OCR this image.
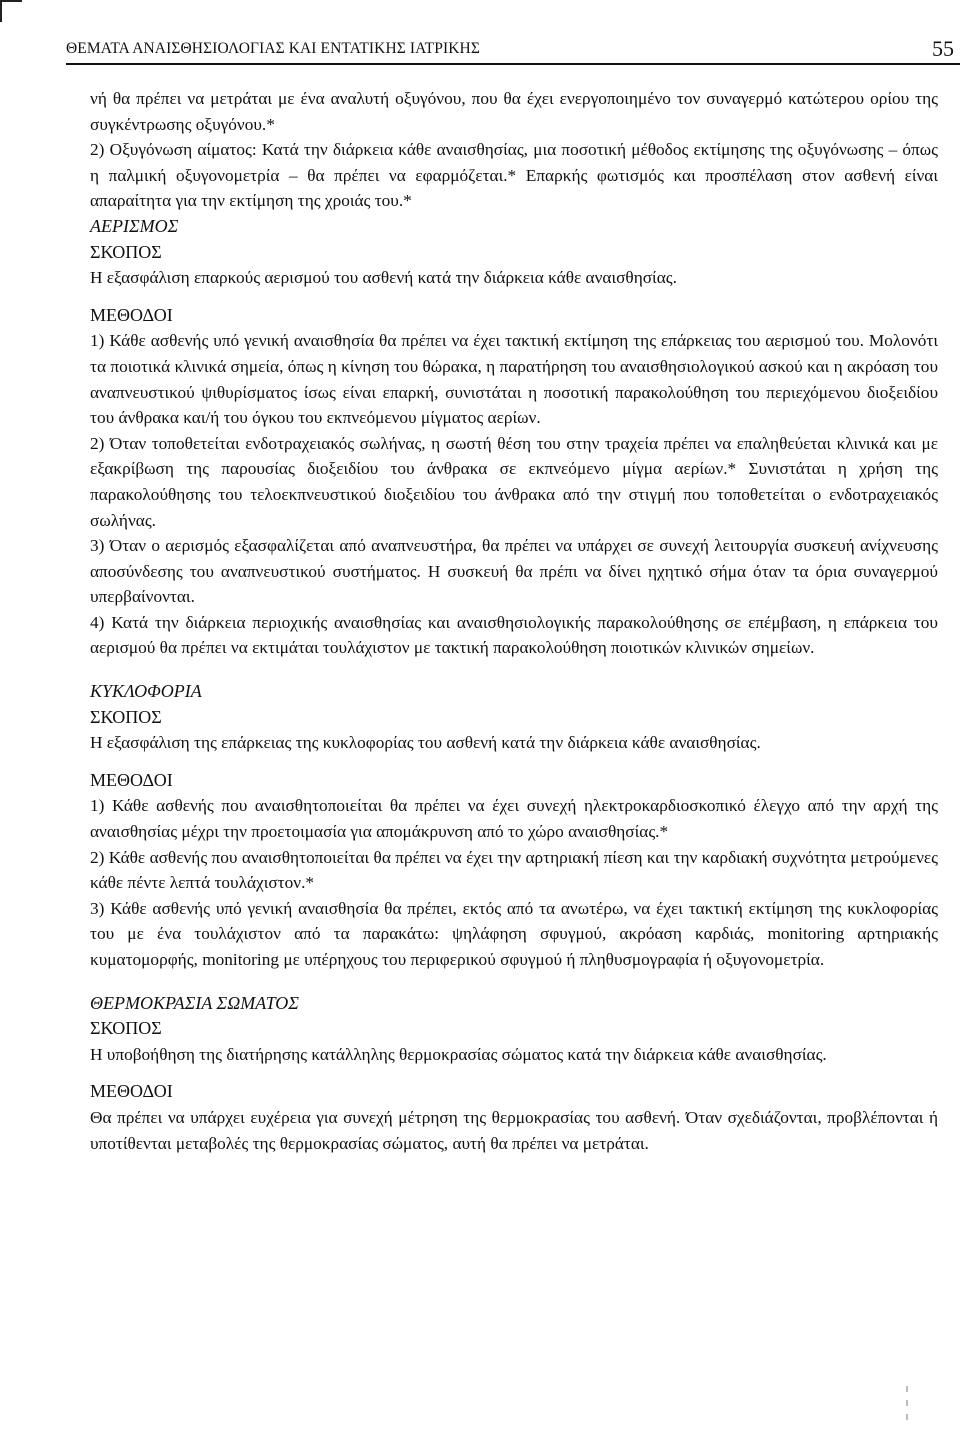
ΘΕΜΑΤΑ ΑΝΑΙΣΘΗΣΙΟΛΟΓΙΑΣ ΚΑΙ ΕΝΤΑΤΙΚΗΣ ΙΑΤΡΙΚΗΣ	55

νή θα πρέπει να μετράται με ένα αναλυτή οξυγόνου, που θα έχει ενεργοποιημένο τον συναγερμό κατώτερου ορίου της συγκέντρωσης οξυγόνου.*

2) Οξυγόνωση αίματος: Κατά την διάρκεια κάθε αναισθησίας, μια ποσοτική μέθοδος εκτίμησης της οξυγόνωσης – όπως η παλμική οξυγονομετρία – θα πρέπει να εφαρμόζεται.* Επαρκής φωτισμός και προσπέλαση στον ασθενή είναι απαραίτητα για την εκτίμηση της χροιάς του.*

ΑΕΡΙΣΜΟΣ

ΣΚΟΠΟΣ

Η εξασφάλιση επαρκούς αερισμού του ασθενή κατά την διάρκεια κάθε αναισθησίας.

ΜΕΘΟΔΟΙ

1) Κάθε ασθενής υπό γενική αναισθησία θα πρέπει να έχει τακτική εκτίμηση της επάρκειας του αερισμού του. Μολονότι τα ποιοτικά κλινικά σημεία, όπως η κίνηση του θώρακα, η παρατήρηση του αναισθησιολογικού ασκού και η ακρόαση του αναπνευστικού ψιθυρίσματος ίσως είναι επαρκή, συνιστάται η ποσοτική παρακολούθηση του περιεχόμενου διοξειδίου του άνθρακα και/ή του όγκου του εκπνεόμενου μίγματος αερίων.

2) Όταν τοποθετείται ενδοτραχειακός σωλήνας, η σωστή θέση του στην τραχεία πρέπει να επαληθεύεται κλινικά και με εξακρίβωση της παρουσίας διοξειδίου του άνθρακα σε εκπνεόμενο μίγμα αερίων.* Συνιστάται η χρήση της παρακολούθησης του τελοεκπνευστικού διοξειδίου του άνθρακα από την στιγμή που τοποθετείται ο ενδοτραχειακός σωλήνας.

3) Όταν ο αερισμός εξασφαλίζεται από αναπνευστήρα, θα πρέπει να υπάρχει σε συνεχή λειτουργία συσκευή ανίχνευσης αποσύνδεσης του αναπνευστικού συστήματος. Η συσκευή θα πρέπι να δίνει ηχητικό σήμα όταν τα όρια συναγερμού υπερβαίνονται.

4) Κατά την διάρκεια περιοχικής αναισθησίας και αναισθησιολογικής παρακολούθησης σε επέμβαση, η επάρκεια του αερισμού θα πρέπει να εκτιμάται τουλάχιστον με τακτική παρακολούθηση ποιοτικών κλινικών σημείων.

ΚΥΚΛΟΦΟΡΙΑ

ΣΚΟΠΟΣ

Η εξασφάλιση της επάρκειας της κυκλοφορίας του ασθενή κατά την διάρκεια κάθε αναισθησίας.

ΜΕΘΟΔΟΙ

1) Κάθε ασθενής που αναισθητοποιείται θα πρέπει να έχει συνεχή ηλεκτροκαρδιοσκοπικό έλεγχο από την αρχή της αναισθησίας μέχρι την προετοιμασία για απομάκρυνση από το χώρο αναισθησίας.*

2) Κάθε ασθενής που αναισθητοποιείται θα πρέπει να έχει την αρτηριακή πίεση και την καρδιακή συχνότητα μετρούμενες κάθε πέντε λεπτά τουλάχιστον.*

3) Κάθε ασθενής υπό γενική αναισθησία θα πρέπει, εκτός από τα ανωτέρω, να έχει τακτική εκτίμηση της κυκλοφορίας του με ένα τουλάχιστον από τα παρακάτω: ψηλάφηση σφυγμού, ακρόαση καρδιάς, monitoring αρτηριακής κυματομορφής, monitoring με υπέρηχους του περιφερικού σφυγμού ή πληθυσμογραφία ή οξυγονομετρία.

ΘΕΡΜΟΚΡΑΣΙΑ ΣΩΜΑΤΟΣ

ΣΚΟΠΟΣ

Η υποβοήθηση της διατήρησης κατάλληλης θερμοκρασίας σώματος κατά την διάρκεια κάθε αναισθησίας.

ΜΕΘΟΔΟΙ

Θα πρέπει να υπάρχει ευχέρεια για συνεχή μέτρηση της θερμοκρασίας του ασθενή. Όταν σχεδιάζονται, προβλέπονται ή υποτίθενται μεταβολές της θερμοκρασίας σώματος, αυτή θα πρέπει να μετράται.
